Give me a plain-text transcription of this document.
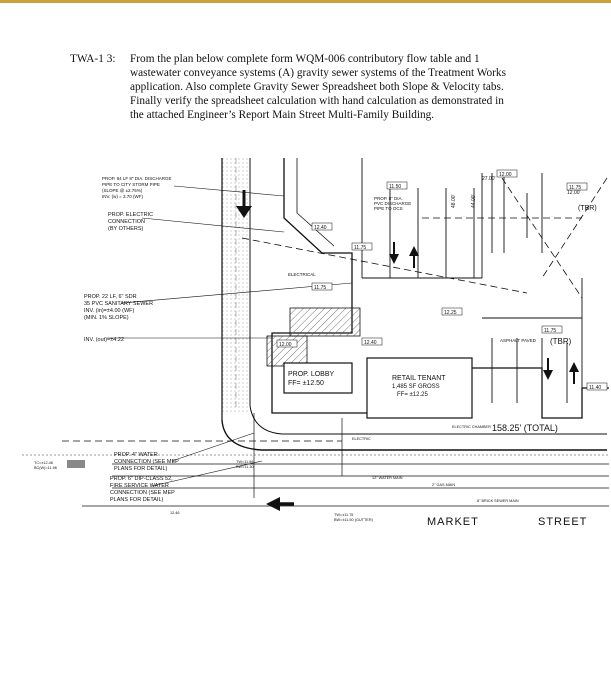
TWA-1 3: From the plan below complete form WQM-006 contributory flow table and 1
wastewater conveyance systems (A) gravity sewer systems of the Treatment Works
application. Also complete Gravity Sewer Spreadsheet both Slope & Velocity tabs.
Finally verify the spreadsheet calculation with hand calculation as demonstrated in
the attached Engineer’s Report Main Street Multi-Family Building.
PROP. LOBBY
FF= ±12.50
RETAIL TENANT
1,485 SF GROSS
FF= ±12.25
PROP. 84 LF 8" DIA. DISCHARGE
PIPE TO CITY STORM PIPE
(SLOPE @ ±2.75%)
INV. (w) = 3.70 (WF)
PROP. ELECTRIC
CONNECTION
(BY OTHERS)
PROP. 22 LF, 6" SDR
35 PVC SANITARY SEWER
INV. (in)=±4.00 (WF)
(MIN. 1% SLOPE)
INV. (out)=±4.22
PROP. 4" WATER
CONNECTION (SEE MEP
PLANS FOR DETAIL)
PROP. 6" DIP-CLASS 52,
FIRE SERVICE WATER
CONNECTION (SEE MEP
PLANS FOR DETAIL)
PROP. 8" DIA.
PVC DISCHARGE
PIPE TO OCS
ELECTRICAL
(TBR)
(TBR)
ASPHALT PAVED
158.25' (TOTAL)
MARKET	STREET
48.00'	44.00'
27.00'
12.00'
11.50
11.75
11.75
12.40
12.00
11.75
12.40
12.00
12.25
11.75
11.40
TC=±12.46
BC(W)=11.96
TW=11.96
BW=11.30
ELECTRIC
12" WATER MAIN
2" GAS MAIN
8" BRICK SEWER MAIN
ELECTRIC CHAMBER
TW=±11.75
BW=±11.50 (GUTTER)
12.46
